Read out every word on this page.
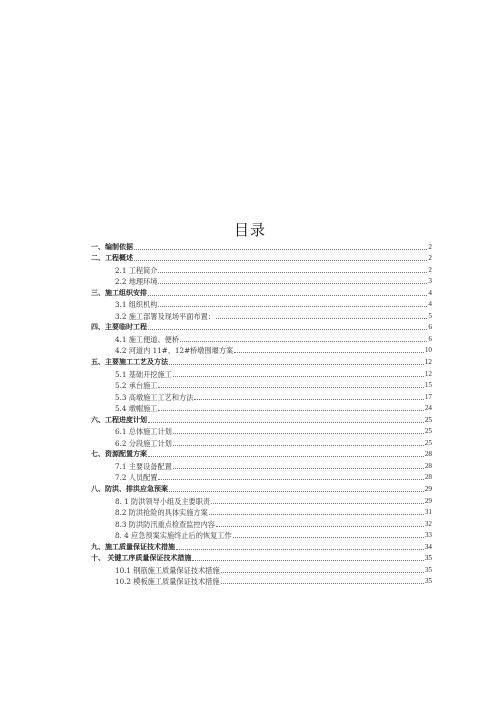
目录
一、编制依据	2
二、工程概述	2
2.1 工程简介	2
2.2 地理环境	3
三、施工组织安排	4
3.1 组织机构	4
3.2 施工部署及现场平面布置：	5
四、主要临时工程	6
4.1 施工便道、便桥	6
4.2 河道内 11#、12#桥墩围堰方案	10
五、主要施工工艺及方法	12
5.1 基础开挖施工	12
5.2 承台施工	15
5.3 高墩施工工艺和方法	17
5.4 墩帽施工	24
六、工程进度计划	25
6.1 总体施工计划	25
6.2 分段施工计划	25
七、资源配置方案	28
7.1 主要设备配置	28
7.2 人员配置	28
八、防洪、排洪应急预案	29
8. 1 防洪领导小组及主要职责	29
8.2 防洪抢险的具体实施方案	31
8.3 防洪防汛重点检查监控内容	32
8. 4 应急预案实施终止后的恢复工作	33
九、施工质量保证技术措施	34
十、 关键工序质量保证技术措施	35
10.1 钢筋施工质量保证技术措施	35
10.2 模板施工质量保证技术措施	35
